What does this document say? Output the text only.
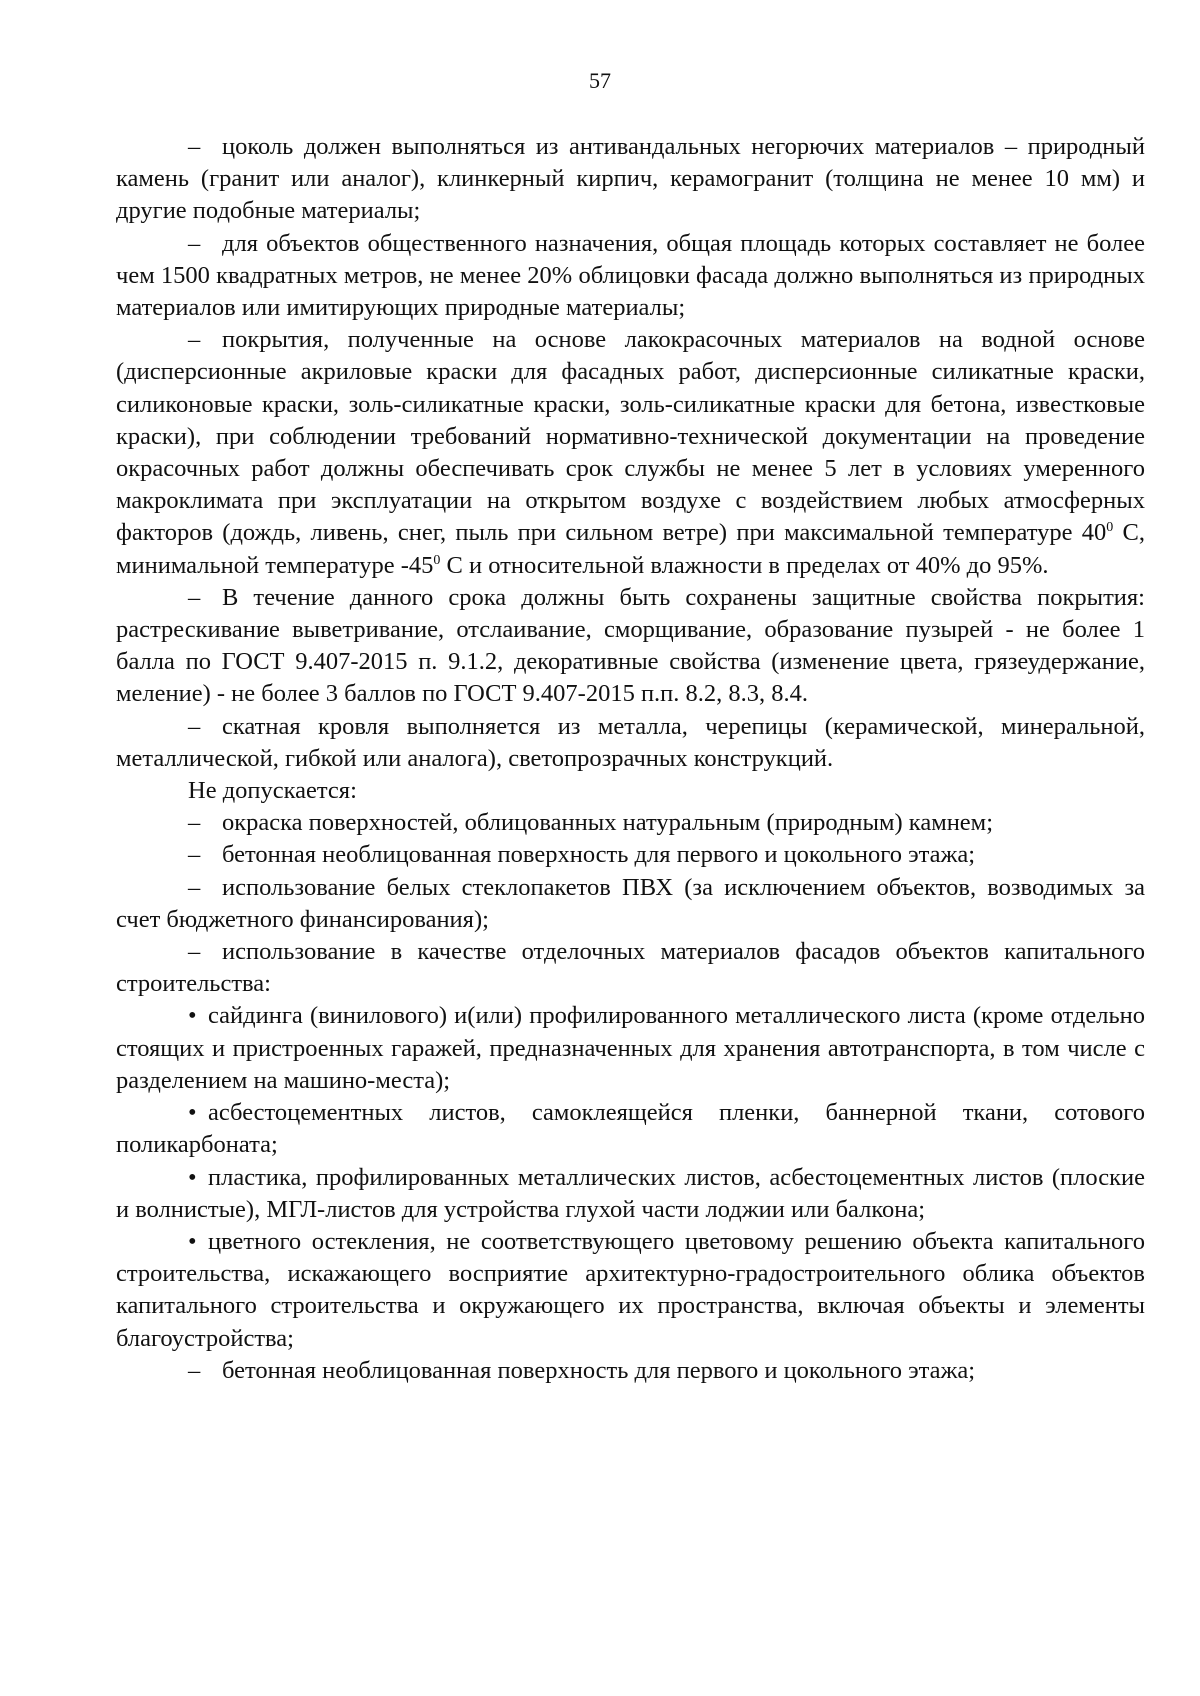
57

– цоколь должен выполняться из антивандальных негорючих материалов – природный камень (гранит или аналог), клинкерный кирпич, керамогранит (толщина не менее 10 мм) и другие подобные материалы;

– для объектов общественного назначения, общая площадь которых составляет не более чем 1500 квадратных метров, не менее 20% облицовки фасада должно выполняться из природных материалов или имитирующих природные материалы;

– покрытия, полученные на основе лакокрасочных материалов на водной основе (дисперсионные акриловые краски для фасадных работ, дисперсионные силикатные краски, силиконовые краски, золь-силикатные краски, золь-силикатные краски для бетона, известковые краски), при соблюдении требований нормативно-технической документации на проведение окрасочных работ должны обеспечивать срок службы не менее 5 лет в условиях умеренного макроклимата при эксплуатации на открытом воздухе с воздействием любых атмосферных факторов (дождь, ливень, снег, пыль при сильном ветре) при максимальной температуре $40^0$ С, минимальной температуре $-45^0$ С и относительной влажности в пределах от 40% до 95%.

– В течение данного срока должны быть сохранены защитные свойства покрытия: растрескивание выветривание, отслаивание, сморщивание, образование пузырей - не более 1 балла по ГОСТ 9.407-2015 п. 9.1.2, декоративные свойства (изменение цвета, грязеудержание, меление) - не более 3 баллов по ГОСТ 9.407-2015 п.п. 8.2, 8.3, 8.4.

– скатная кровля выполняется из металла, черепицы (керамической, минеральной, металлической, гибкой или аналога), светопрозрачных конструкций.

Не допускается:

– окраска поверхностей, облицованных натуральным (природным) камнем;

– бетонная необлицованная поверхность для первого и цокольного этажа;

– использование белых стеклопакетов ПВХ (за исключением объектов, возводимых за счет бюджетного финансирования);

– использование в качестве отделочных материалов фасадов объектов капитального строительства:

• сайдинга (винилового) и(или) профилированного металлического листа (кроме отдельно стоящих и пристроенных гаражей, предназначенных для хранения автотранспорта, в том числе с разделением на машино-места);

• асбестоцементных листов, самоклеящейся пленки, баннерной ткани, сотового поликарбоната;

• пластика, профилированных металлических листов, асбестоцементных листов (плоские и волнистые), МГЛ-листов для устройства глухой части лоджии или балкона;

• цветного остекления, не соответствующего цветовому решению объекта капитального строительства, искажающего восприятие архитектурно-градостроительного облика объектов капитального строительства и окружающего их пространства, включая объекты и элементы благоустройства;

– бетонная необлицованная поверхность для первого и цокольного этажа;
